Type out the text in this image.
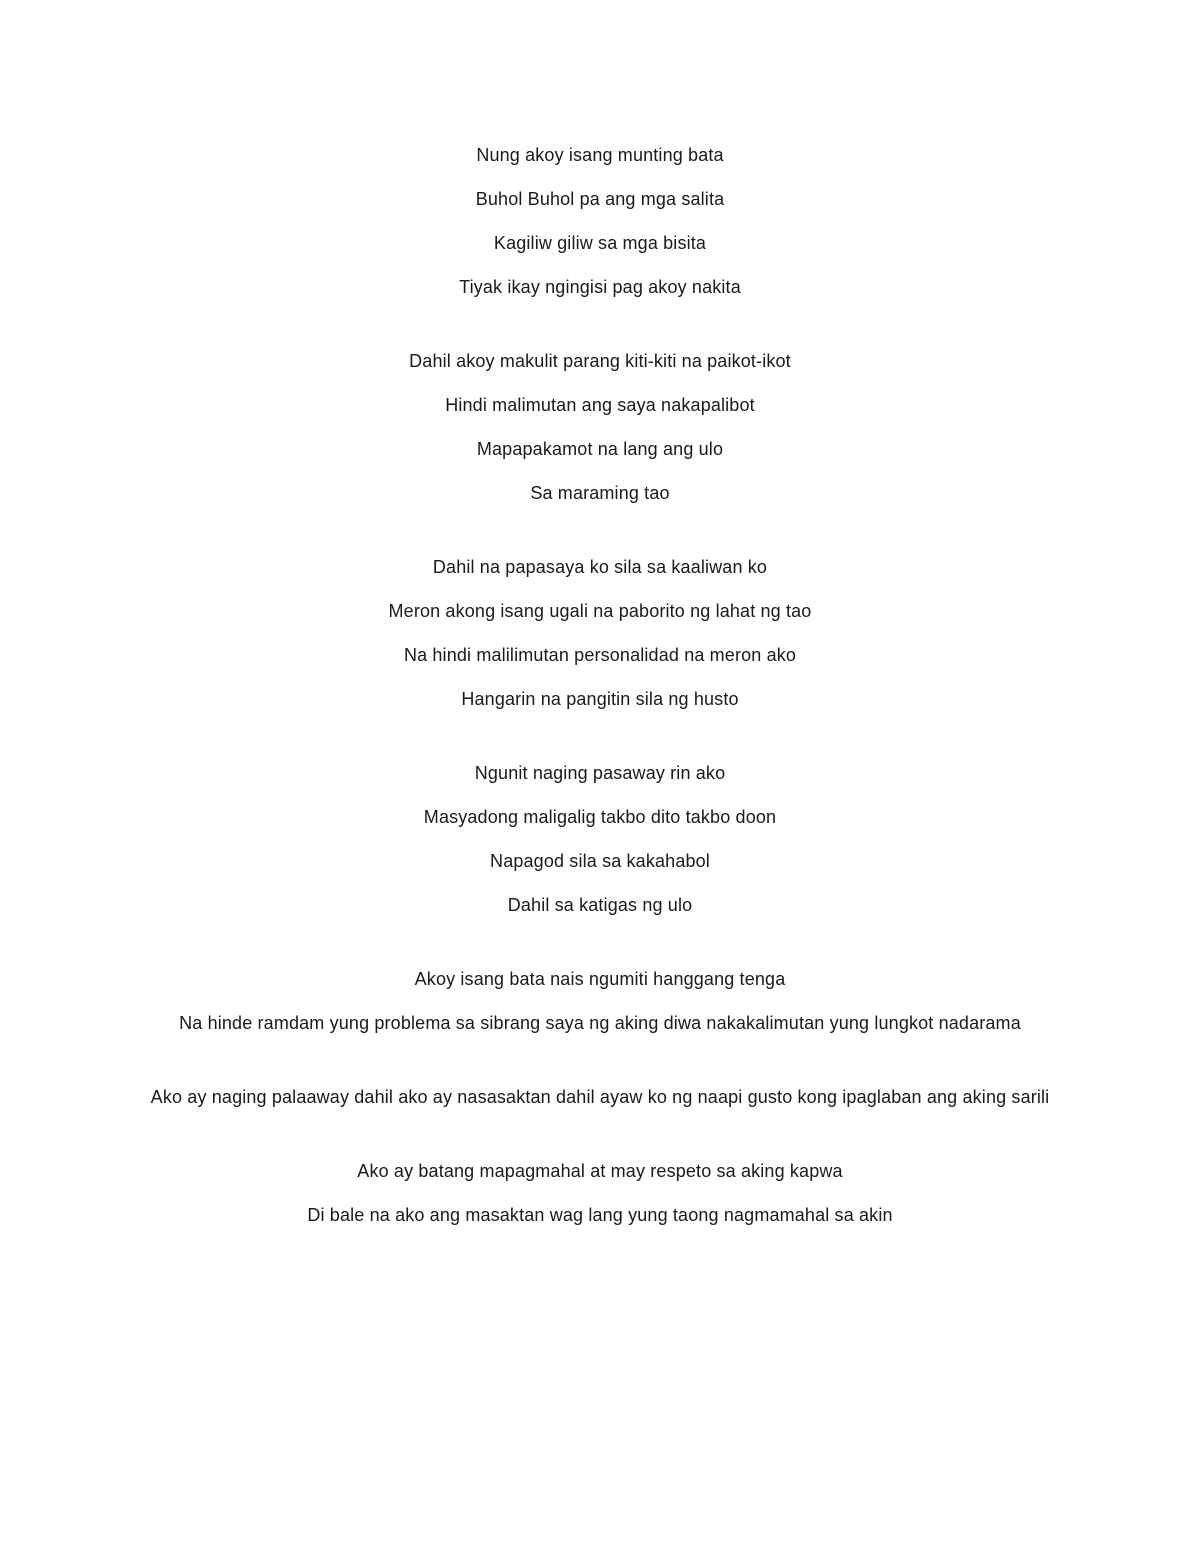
Nung akoy isang munting bata
Buhol Buhol pa ang mga salita
Kagiliw giliw sa mga bisita
Tiyak ikay ngingisi pag akoy nakita
Dahil akoy makulit parang kiti-kiti na paikot-ikot
Hindi malimutan ang saya nakapalibot
Mapapakamot na lang ang ulo
Sa maraming tao
Dahil na papasaya ko sila sa kaaliwan ko
Meron akong isang ugali na paborito ng lahat ng tao
Na hindi malilimutan personalidad na meron ako
Hangarin na pangitin sila ng husto
Ngunit naging pasaway rin ako
Masyadong maligalig takbo dito takbo doon
Napagod sila sa kakahabol
Dahil sa katigas ng ulo
Akoy isang bata nais ngumiti hanggang tenga
Na hinde ramdam yung problema sa sibrang saya ng aking diwa nakakalimutan yung lungkot nadarama
Ako ay naging palaaway dahil ako ay nasasaktan dahil ayaw ko ng naapi gusto kong ipaglaban ang aking sarili
Ako ay batang mapagmahal at may respeto sa aking kapwa
Di bale na ako ang masaktan wag lang yung taong nagmamahal sa akin
